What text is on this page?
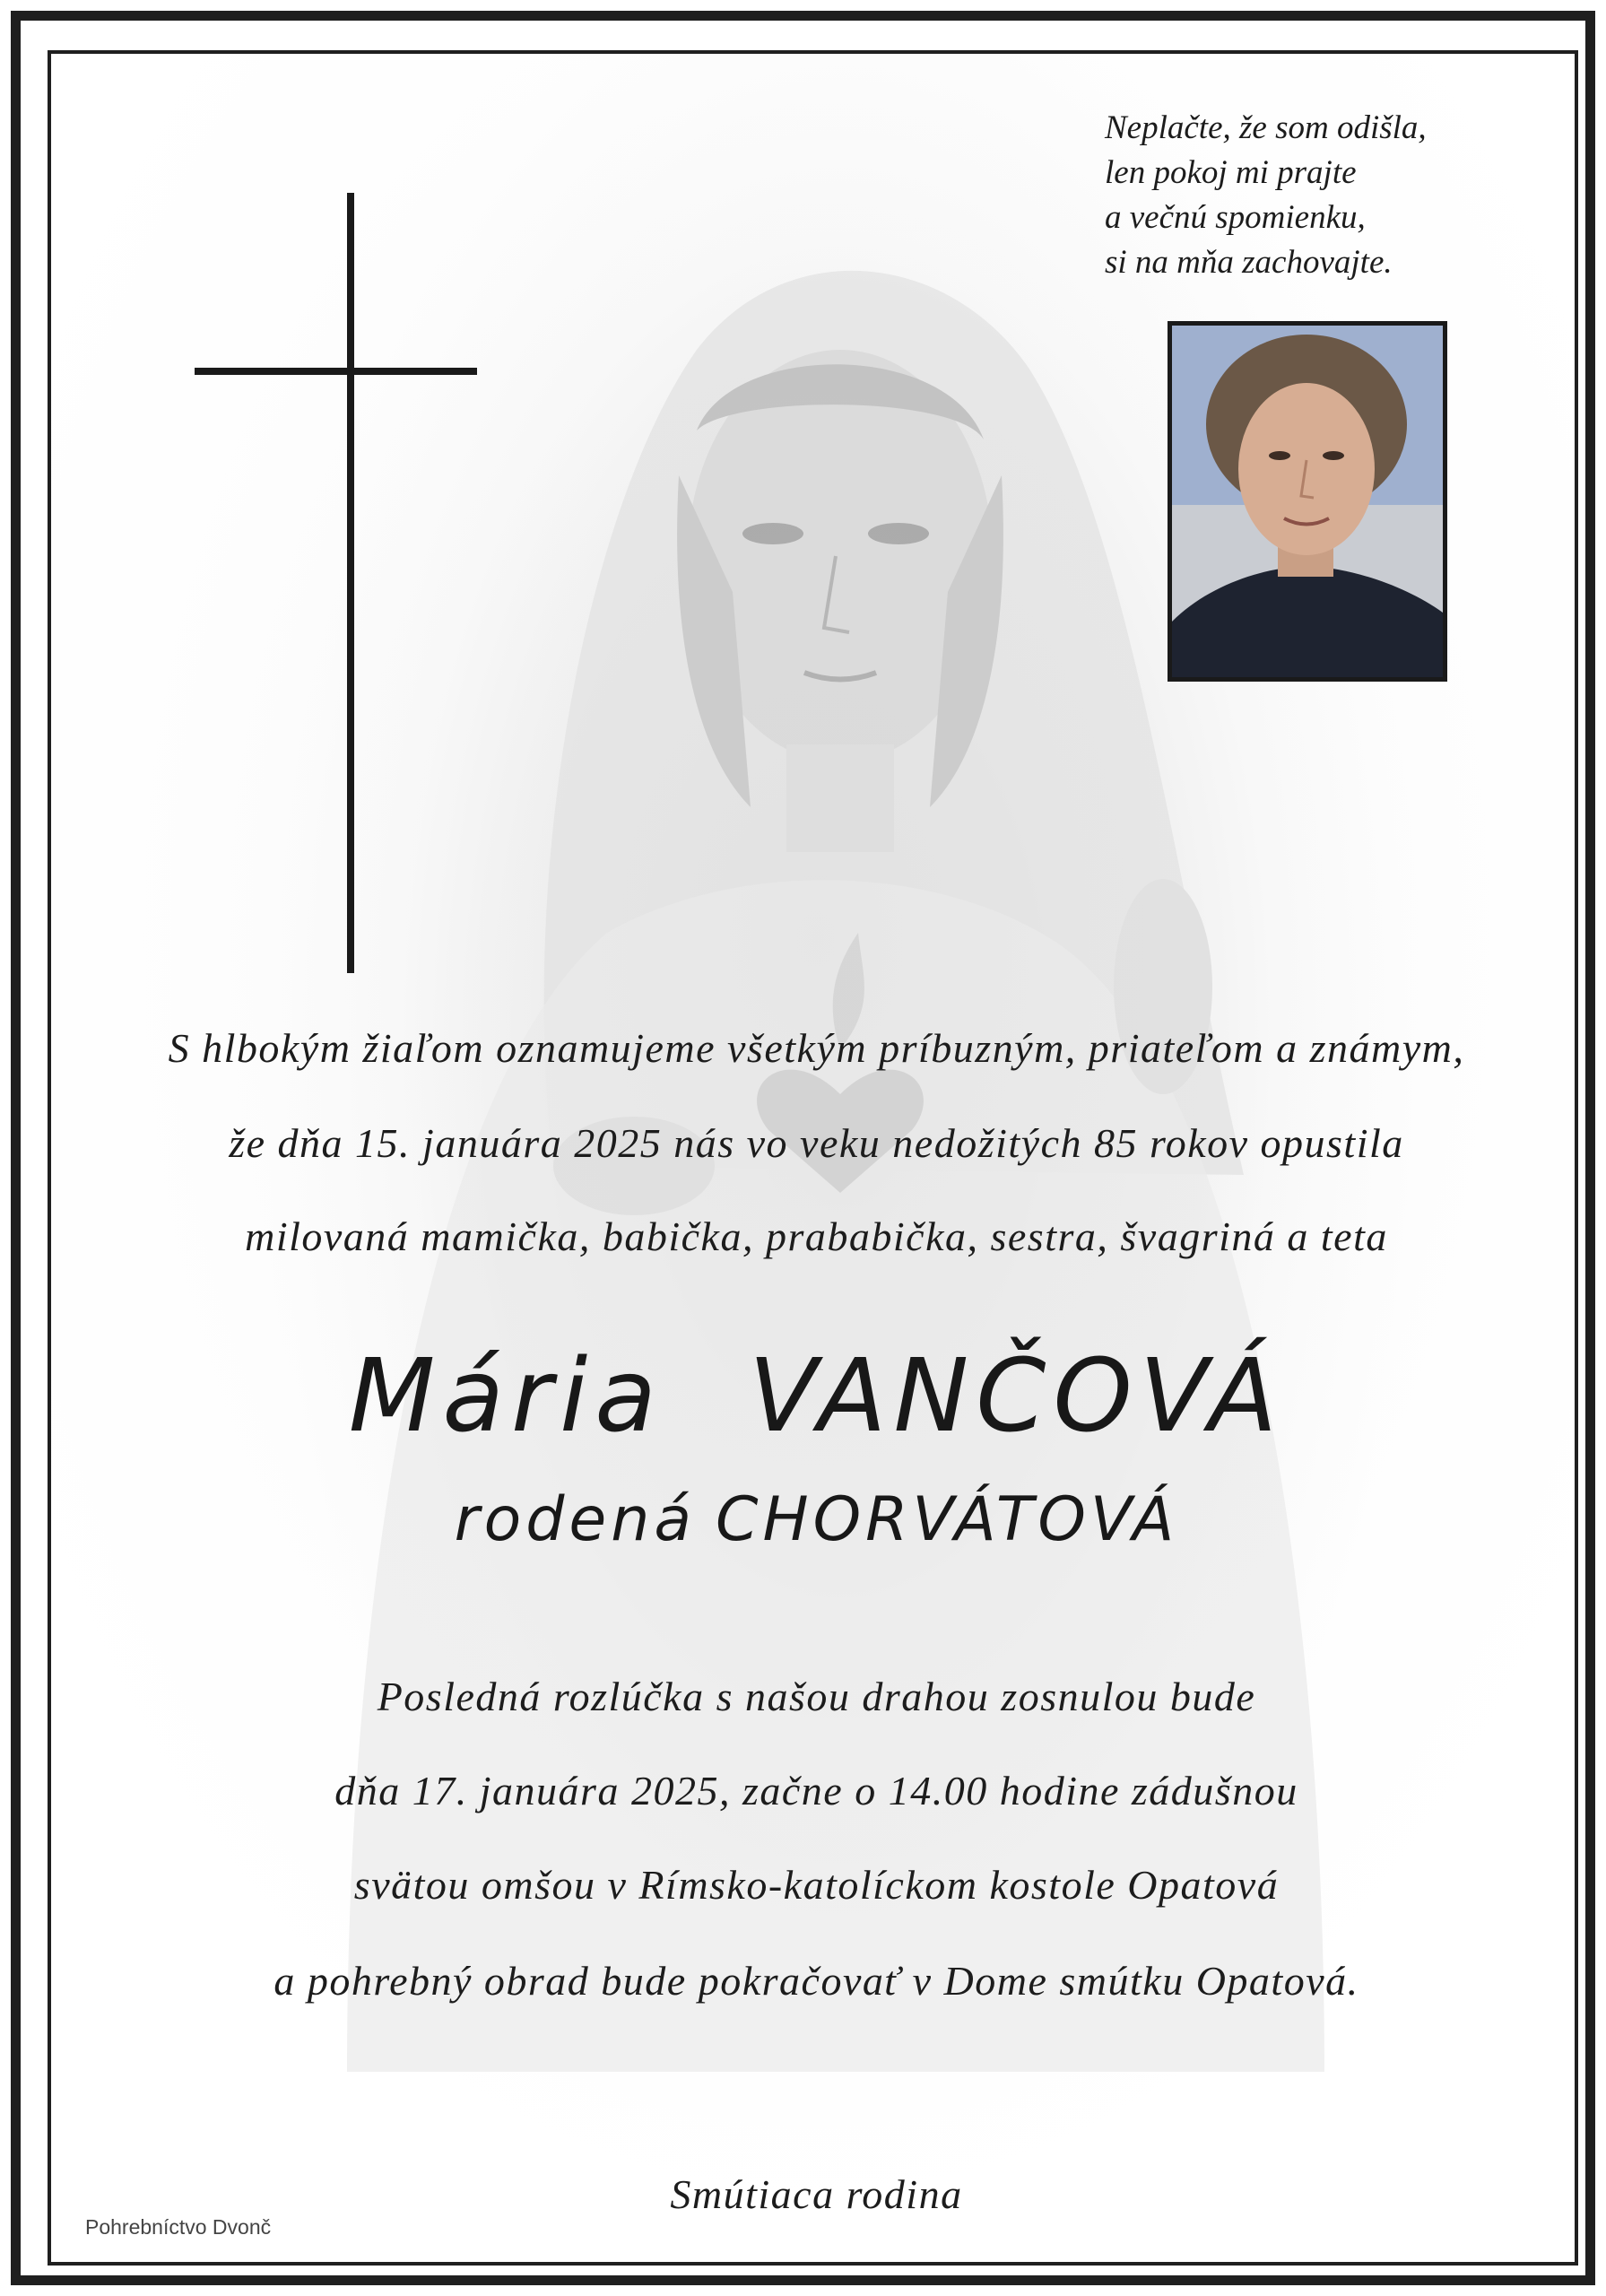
Neplačte, že som odišla,
len pokoj mi prajte
a večnú spomienku,
si na mňa zachovajte.
S hlbokým žiaľom oznamujeme všetkým príbuzným, priateľom a známym,
že dňa 15. januára 2025 nás vo veku nedožitých 85 rokov opustila
milovaná mamička, babička, prababička, sestra, švagriná a teta
Mária VANČOVÁ
rodená CHORVÁTOVÁ
Posledná rozlúčka s našou drahou zosnulou bude
dňa 17. januára 2025, začne o 14.00 hodine zádušnou
svätou omšou v Rímsko-katolíckom kostole Opatová
a pohrebný obrad bude pokračovať v Dome smútku Opatová.
Smútiaca rodina
Pohrebníctvo Dvonč
